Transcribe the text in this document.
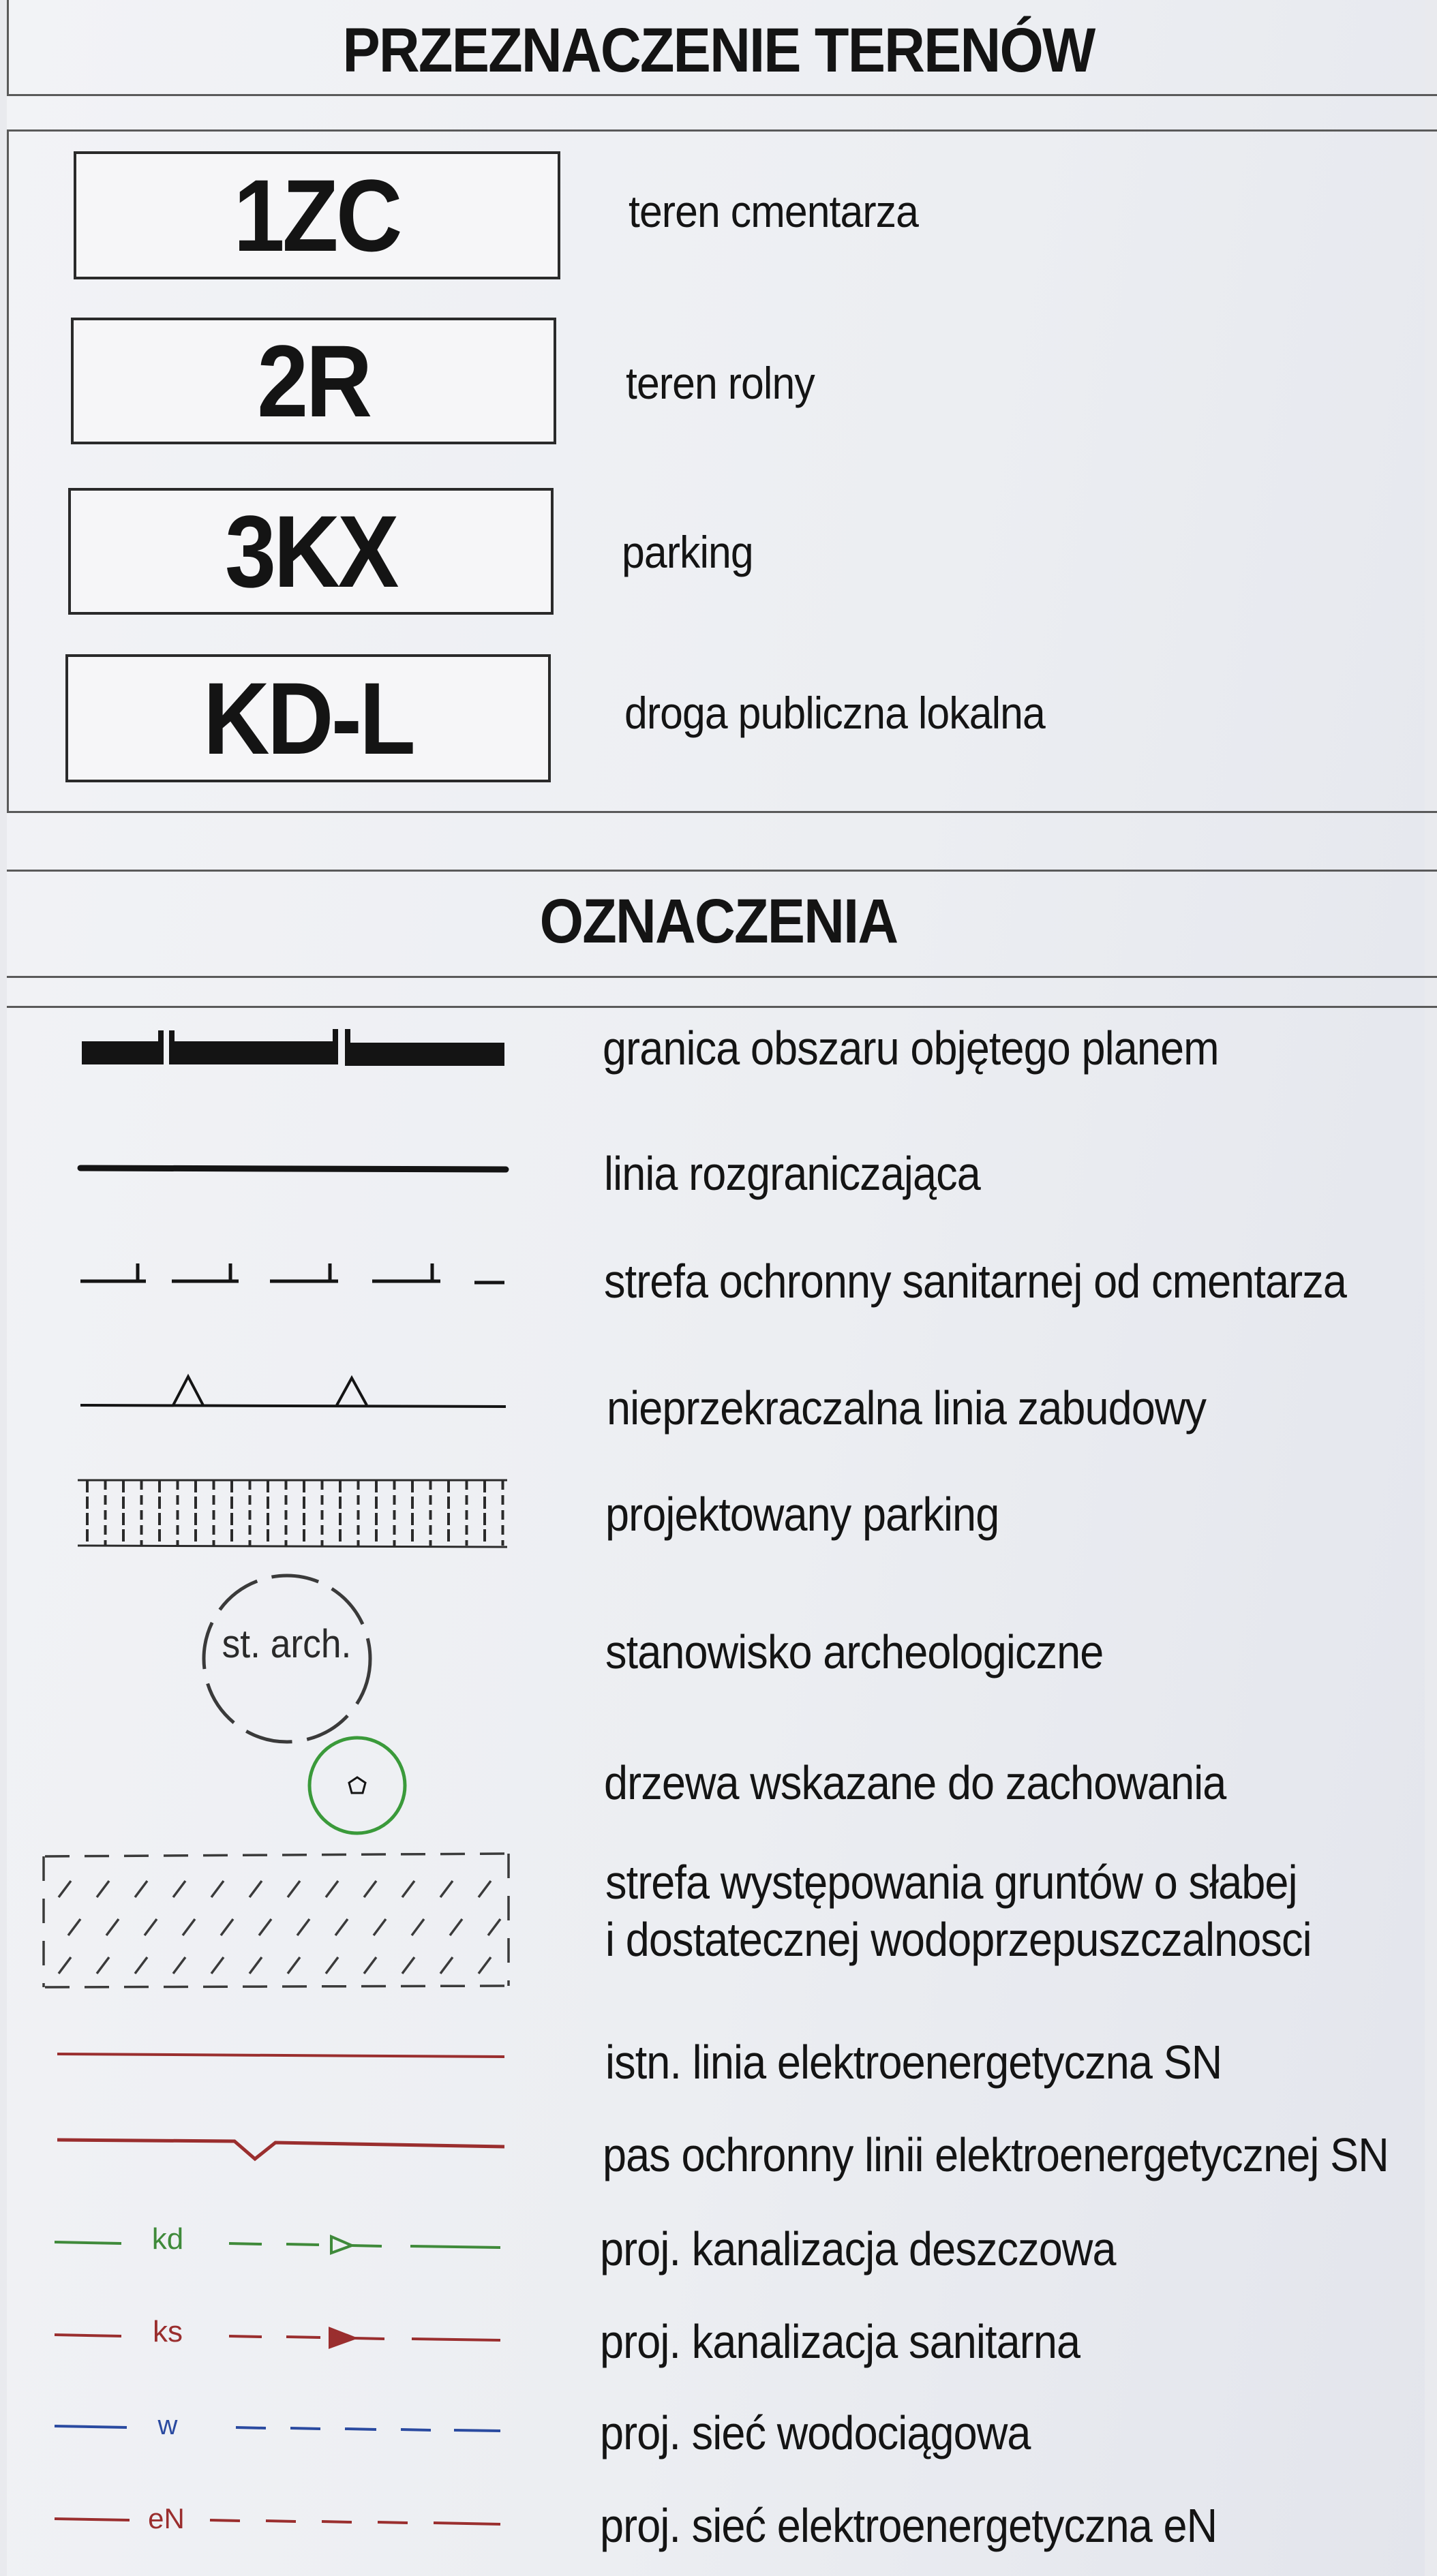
PRZEZNACZENIE TERENÓW
OZNACZENIA
1ZC	teren cmentarza
2R	teren rolny
3KX	parking
KD-L	droga publiczna lokalna
granica obszaru objętego planem
linia rozgraniczająca
strefa ochronny sanitarnej od cmentarza
nieprzekraczalna linia zabudowy
projektowany parking
st. arch.	stanowisko archeologiczne
drzewa wskazane do zachowania
strefa występowania gruntów o słabej
i dostatecznej wodoprzepuszczalnosci
istn. linia elektroenergetyczna SN
pas ochronny linii elektroenergetycznej SN
kd	proj. kanalizacja deszczowa
ks	proj. kanalizacja sanitarna
w	proj. sieć wodociągowa
eN	proj. sieć elektroenergetyczna eN
